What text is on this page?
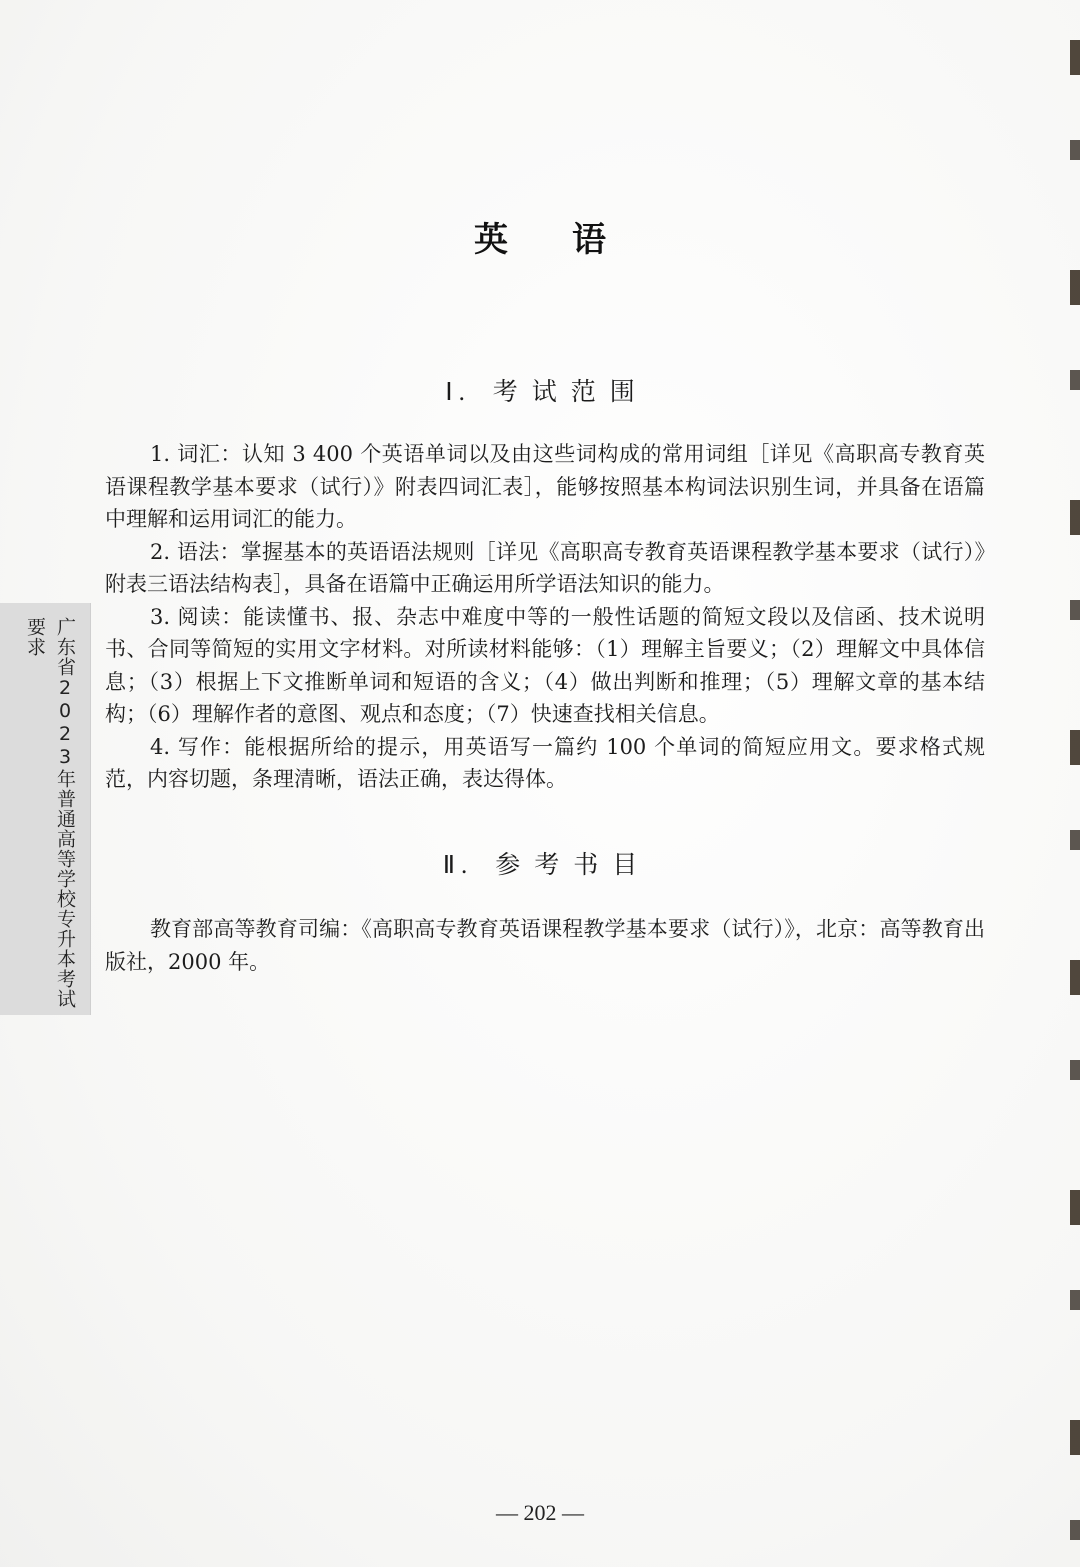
广东省2023年普通高等学校专升本考试要求
英语
Ⅰ. 考试范围

1. 词汇：认知 3 400 个英语单词以及由这些词构成的常用词组［详见《高职高专教育英语课程教学基本要求（试行）》附表四词汇表］，能够按照基本构词法识别生词，并具备在语篇中理解和运用词汇的能力。

2. 语法：掌握基本的英语语法规则［详见《高职高专教育英语课程教学基本要求（试行）》附表三语法结构表］，具备在语篇中正确运用所学语法知识的能力。

3. 阅读：能读懂书、报、杂志中难度中等的一般性话题的简短文段以及信函、技术说明书、合同等简短的实用文字材料。对所读材料能够：（1）理解主旨要义；（2）理解文中具体信息；（3）根据上下文推断单词和短语的含义；（4）做出判断和推理；（5）理解文章的基本结构；（6）理解作者的意图、观点和态度；（7）快速查找相关信息。

4. 写作：能根据所给的提示，用英语写一篇约 100 个单词的简短应用文。要求格式规范，内容切题，条理清晰，语法正确，表达得体。

Ⅱ. 参考书目

教育部高等教育司编：《高职高专教育英语课程教学基本要求（试行）》，北京：高等教育出版社，2000 年。

— 202 —
